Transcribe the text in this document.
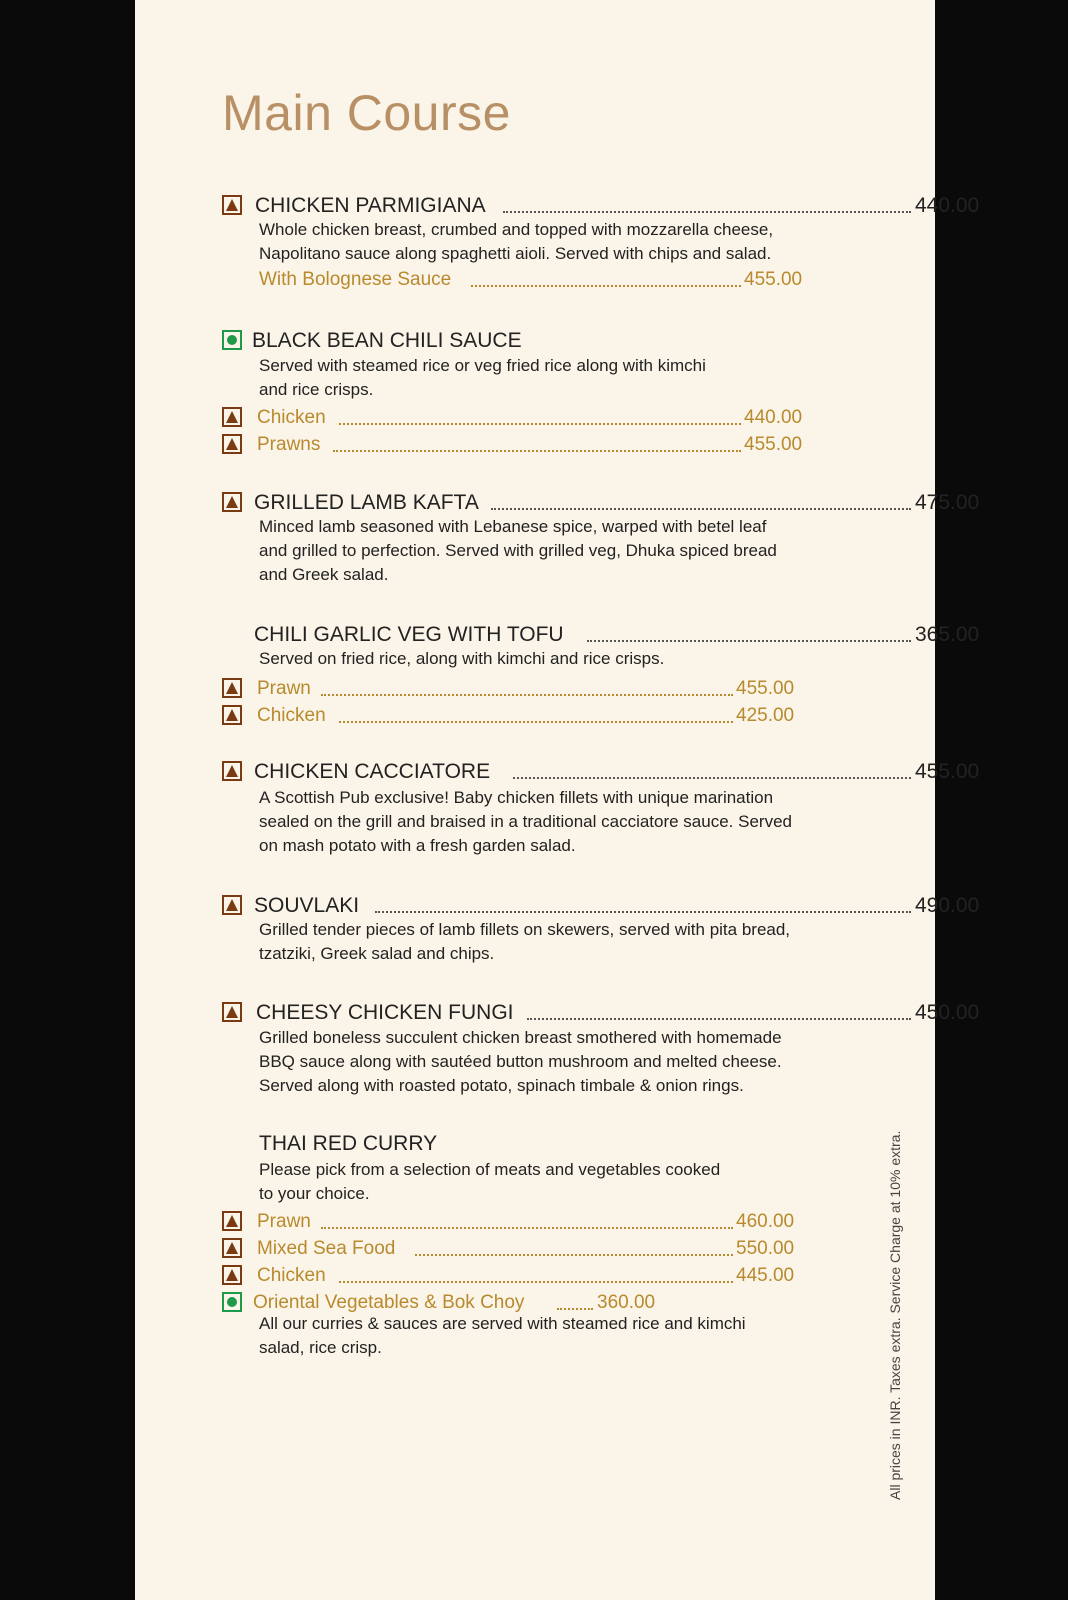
Main Course
CHICKEN PARMIGIANA	440.00
Whole chicken breast, crumbed and topped with mozzarella cheese,
Napolitano sauce along spaghetti aioli. Served with chips and salad.
With Bolognese Sauce	455.00
BLACK BEAN CHILI SAUCE
Served with steamed rice or veg fried rice along with kimchi
and rice crisps.
Chicken	440.00
Prawns	455.00
GRILLED LAMB KAFTA	475.00
Minced lamb seasoned with Lebanese spice, warped with betel leaf
and grilled to perfection. Served with grilled veg, Dhuka spiced bread
and Greek salad.
CHILI GARLIC VEG WITH TOFU	365.00
Served on fried rice, along with kimchi and rice crisps.
Prawn	455.00
Chicken	425.00
CHICKEN CACCIATORE	455.00
A Scottish Pub exclusive! Baby chicken fillets with unique marination
sealed on the grill and braised in a traditional cacciatore sauce. Served
on mash potato with a fresh garden salad.
SOUVLAKI	490.00
Grilled tender pieces of lamb fillets on skewers, served with pita bread,
tzatziki, Greek salad and chips.
CHEESY CHICKEN FUNGI	450.00
Grilled boneless succulent chicken breast smothered with homemade
BBQ sauce along with sautéed button mushroom and melted cheese.
Served along with roasted potato, spinach timbale & onion rings.
THAI RED CURRY
Please pick from a selection of meats and vegetables cooked
to your choice.
Prawn	460.00
Mixed Sea Food	550.00
Chicken	445.00
Oriental Vegetables & Bok Choy	360.00
All our curries & sauces are served with steamed rice and kimchi
salad, rice crisp.	All prices in INR. Taxes extra. Service Charge at 10% extra.
